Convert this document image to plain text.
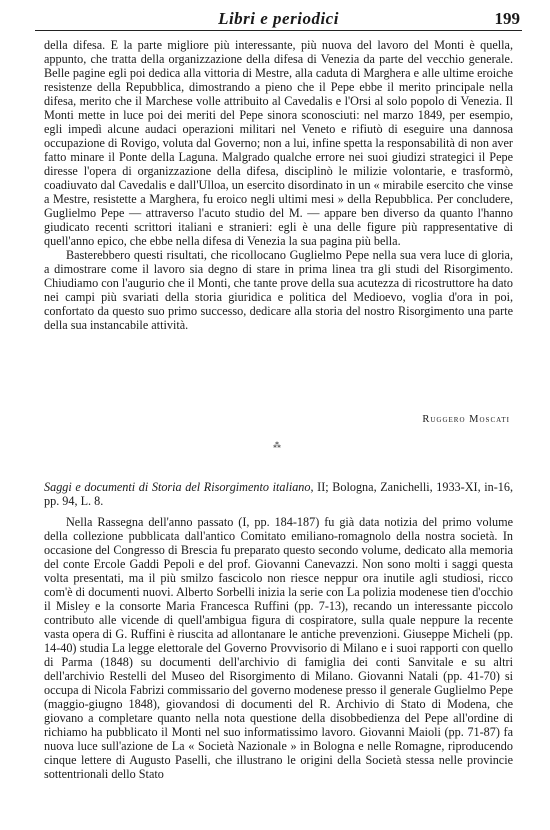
Libri e periodici	199

della difesa. E la parte migliore più interessante, più nuova del lavoro del Monti è quella, appunto, che tratta della organizzazione della difesa di Venezia da parte del vecchio generale. Belle pagine egli poi dedica alla vittoria di Mestre, alla caduta di Marghera e alle ultime eroiche resistenze della Repubblica, dimostrando a pieno che il Pepe ebbe il merito principale nella difesa, merito che il Marchese volle attribuito al Cavedalis e l'Orsi al solo popolo di Venezia. Il Monti mette in luce poi dei meriti del Pepe sinora sconosciuti: nel marzo 1849, per esempio, egli impedì alcune audaci operazioni militari nel Veneto e rifiutò di eseguire una dannosa occupazione di Rovigo, voluta dal Governo; non a lui, infine spetta la responsabilità di non aver fatto minare il Ponte della Laguna. Malgrado qualche errore nei suoi giudizi strategici il Pepe diresse l'opera di organizzazione della difesa, disciplinò le milizie volontarie, e trasformò, coadiuvato dal Cavedalis e dall'Ulloa, un esercito disordinato in un « mirabile esercito che vinse a Mestre, resistette a Marghera, fu eroico negli ultimi mesi » della Repubblica. Per concludere, Guglielmo Pepe — attraverso l'acuto studio del M. — appare ben diverso da quanto l'hanno giudicato recenti scrittori italiani e stranieri: egli è una delle figure più rappresentative di quell'anno epico, che ebbe nella difesa di Venezia la sua pagina più bella.

Basterebbero questi risultati, che ricollocano Guglielmo Pepe nella sua vera luce di gloria, a dimostrare come il lavoro sia degno di stare in prima linea tra gli studi del Risorgimento. Chiudiamo con l'augurio che il Monti, che tante prove della sua acutezza di ricostruttore ha dato nei campi più svariati della storia giuridica e politica del Medioevo, voglia d'ora in poi, confortato da questo suo primo successo, dedicare alla storia del nostro Risorgimento una parte della sua instancabile attività.

Ruggero Moscati
⁂
Saggi e documenti di Storia del Risorgimento italiano, II; Bologna, Zanichelli, 1933-XI, in-16, pp. 94, L. 8.

Nella Rassegna dell'anno passato (I, pp. 184-187) fu già data notizia del primo volume della collezione pubblicata dall'antico Comitato emiliano-romagnolo della nostra società. In occasione del Congresso di Brescia fu preparato questo secondo volume, dedicato alla memoria del conte Ercole Gaddi Pepoli e del prof. Giovanni Canevazzi. Non sono molti i saggi questa volta presentati, ma il più smilzo fascicolo non riesce neppur ora inutile agli studiosi, ricco com'è di documenti nuovi. Alberto Sorbelli inizia la serie con La polizia modenese tien d'occhio il Misley e la consorte Maria Francesca Ruffini (pp. 7-13), recando un interessante piccolo contributo alle vicende di quell'ambigua figura di cospiratore, sulla quale neppure la recente vasta opera di G. Ruffini è riuscita ad allontanare le antiche prevenzioni. Giuseppe Micheli (pp. 14-40) studia La legge elettorale del Governo Provvisorio di Milano e i suoi rapporti con quello di Parma (1848) su documenti dell'archivio di famiglia dei conti Sanvitale e su altri dell'archivio Restelli del Museo del Risorgimento di Milano. Giovanni Natali (pp. 41-70) si occupa di Nicola Fabrizi commissario del governo modenese presso il generale Guglielmo Pepe (maggio-giugno 1848), giovandosi di documenti del R. Archivio di Stato di Modena, che giovano a completare quanto nella nota questione della disobbedienza del Pepe all'ordine di richiamo ha pubblicato il Monti nel suo informatissimo lavoro. Giovanni Maioli (pp. 71-87) fa nuova luce sull'azione de La « Società Nazionale » in Bologna e nelle Romagne, riproducendo cinque lettere di Augusto Paselli, che illustrano le origini della Società stessa nelle provincie sottentrionali dello Stato
